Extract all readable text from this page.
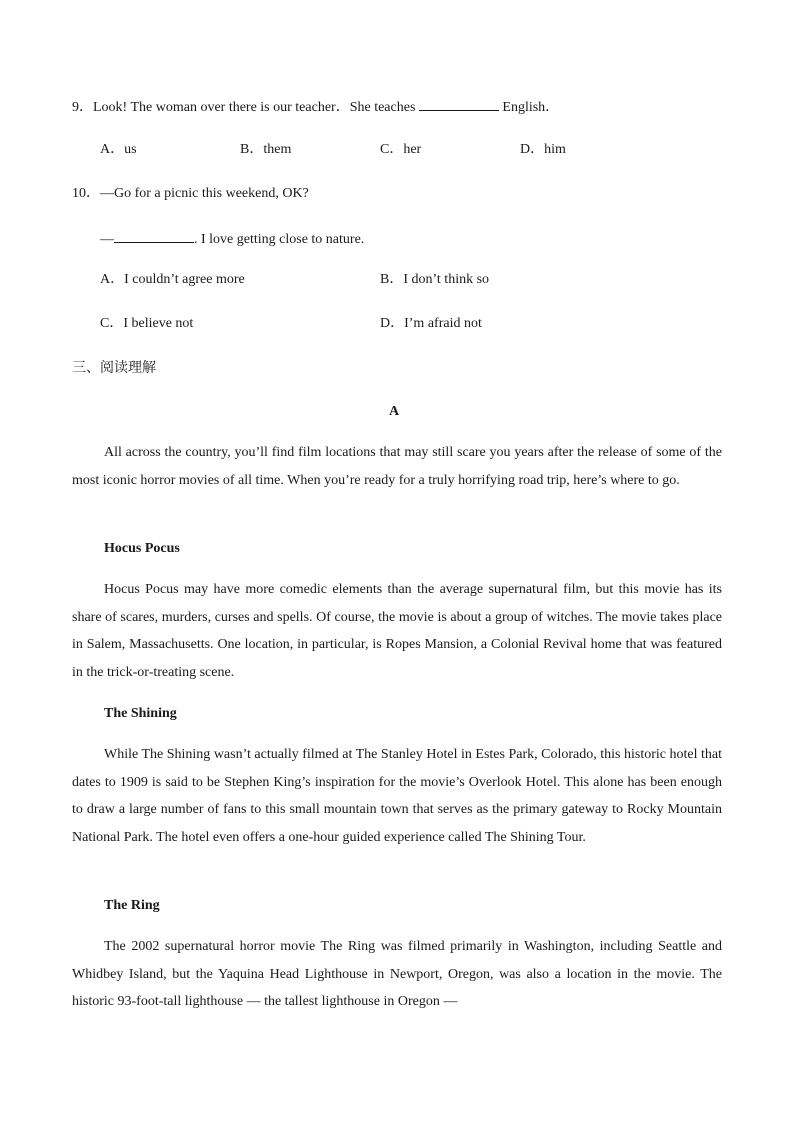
9．Look! The woman over there is our teacher．She teaches	English．
A．us	B．them	C．her	D．him
10．—Go for a picnic this weekend, OK?
—	. I love getting close to nature.
A．I couldn’t agree more	B．I don’t think so
C．I believe not	D．I’m afraid not
三、阅读理解
A
All across the country, you’ll find film locations that may still scare you years after the release of some of the most iconic horror movies of all time. When you’re ready for a truly horrifying road trip, here’s where to go.
Hocus Pocus
Hocus Pocus may have more comedic elements than the average supernatural film, but this movie has its share of scares, murders, curses and spells. Of course, the movie is about a group of witches. The movie takes place in Salem, Massachusetts. One location, in particular, is Ropes Mansion, a Colonial Revival home that was featured in the trick-or-treating scene.
The Shining
While The Shining wasn’t actually filmed at The Stanley Hotel in Estes Park, Colorado, this historic hotel that dates to 1909 is said to be Stephen King’s inspiration for the movie’s Overlook Hotel. This alone has been enough to draw a large number of fans to this small mountain town that serves as the primary gateway to Rocky Mountain National Park. The hotel even offers a one-hour guided experience called The Shining Tour.
The Ring
The 2002 supernatural horror movie The Ring was filmed primarily in Washington, including Seattle and Whidbey Island, but the Yaquina Head Lighthouse in Newport, Oregon, was also a location in the movie. The historic 93-foot-tall lighthouse — the tallest lighthouse in Oregon —
